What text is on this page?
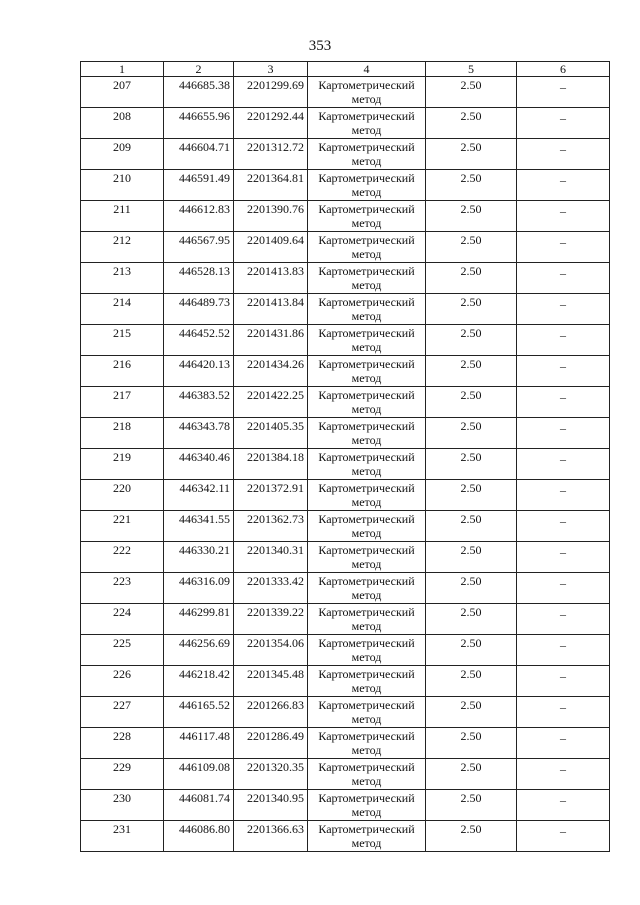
353
1	2	3	4	5	6
207	446685.38	2201299.69	Картометрический метод	2.50	–
208	446655.96	2201292.44	Картометрический метод	2.50	–
209	446604.71	2201312.72	Картометрический метод	2.50	–
210	446591.49	2201364.81	Картометрический метод	2.50	–
211	446612.83	2201390.76	Картометрический метод	2.50	–
212	446567.95	2201409.64	Картометрический метод	2.50	–
213	446528.13	2201413.83	Картометрический метод	2.50	–
214	446489.73	2201413.84	Картометрический метод	2.50	–
215	446452.52	2201431.86	Картометрический метод	2.50	–
216	446420.13	2201434.26	Картометрический метод	2.50	–
217	446383.52	2201422.25	Картометрический метод	2.50	–
218	446343.78	2201405.35	Картометрический метод	2.50	–
219	446340.46	2201384.18	Картометрический метод	2.50	–
220	446342.11	2201372.91	Картометрический метод	2.50	–
221	446341.55	2201362.73	Картометрический метод	2.50	–
222	446330.21	2201340.31	Картометрический метод	2.50	–
223	446316.09	2201333.42	Картометрический метод	2.50	–
224	446299.81	2201339.22	Картометрический метод	2.50	–
225	446256.69	2201354.06	Картометрический метод	2.50	–
226	446218.42	2201345.48	Картометрический метод	2.50	–
227	446165.52	2201266.83	Картометрический метод	2.50	–
228	446117.48	2201286.49	Картометрический метод	2.50	–
229	446109.08	2201320.35	Картометрический метод	2.50	–
230	446081.74	2201340.95	Картометрический метод	2.50	–
231	446086.80	2201366.63	Картометрический метод	2.50	–
